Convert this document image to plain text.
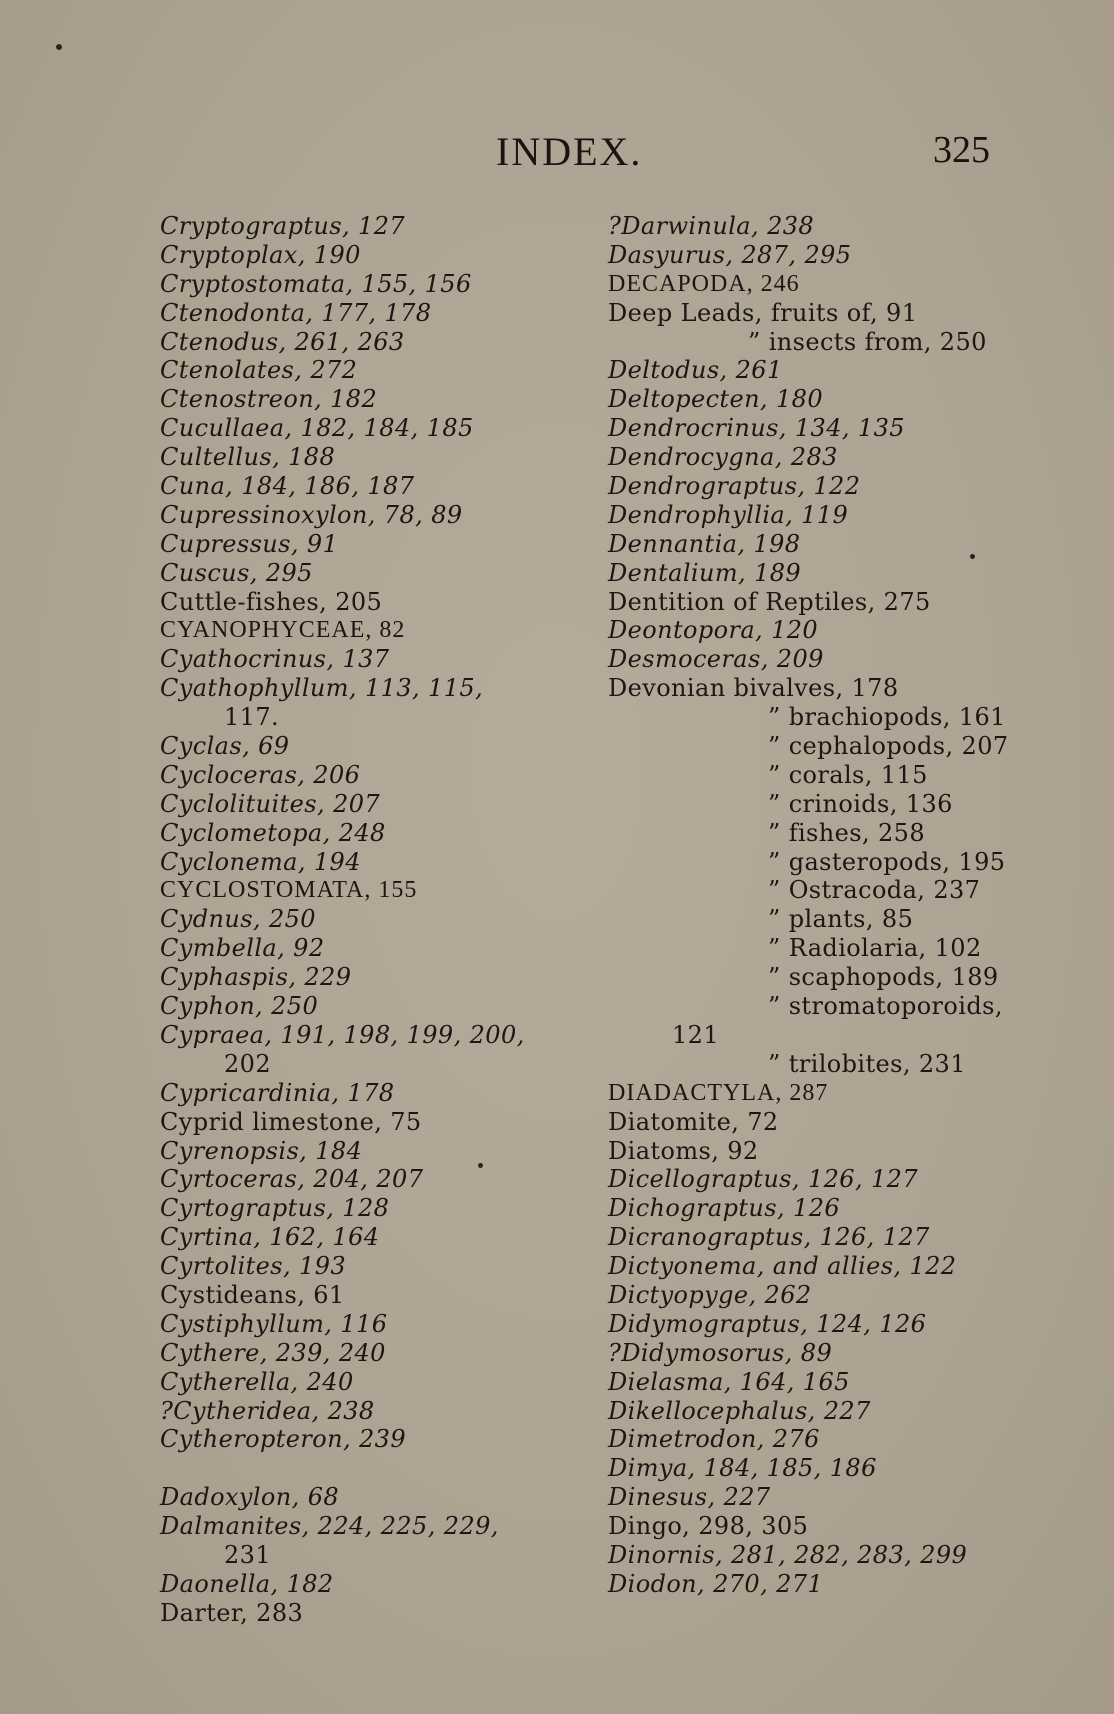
INDEX.	325
Cryptograptus, 127
Cryptoplax, 190
Cryptostomata, 155, 156
Ctenodonta, 177, 178
Ctenodus, 261, 263
Ctenolates, 272
Ctenostreon, 182
Cucullaea, 182, 184, 185
Cultellus, 188
Cuna, 184, 186, 187
Cupressinoxylon, 78, 89
Cupressus, 91
Cuscus, 295
Cuttle-fishes, 205
CYANOPHYCEAE, 82
Cyathocrinus, 137
Cyathophyllum, 113, 115,
117.
Cyclas, 69
Cycloceras, 206
Cyclolituites, 207
Cyclometopa, 248
Cyclonema, 194
CYCLOSTOMATA, 155
Cydnus, 250
Cymbella, 92
Cyphaspis, 229
Cyphon, 250
Cypraea, 191, 198, 199, 200,
202
Cypricardinia, 178
Cyprid limestone, 75
Cyrenopsis, 184
Cyrtoceras, 204, 207
Cyrtograptus, 128
Cyrtina, 162, 164
Cyrtolites, 193
Cystideans, 61
Cystiphyllum, 116
Cythere, 239, 240
Cytherella, 240
?Cytheridea, 238
Cytheropteron, 239
Dadoxylon, 68
Dalmanites, 224, 225, 229,
231
Daonella, 182
Darter, 283
?Darwinula, 238
Dasyurus, 287, 295
DECAPODA, 246
Deep Leads, fruits of, 91
” insects from, 250
Deltodus, 261
Deltopecten, 180
Dendrocrinus, 134, 135
Dendrocygna, 283
Dendrograptus, 122
Dendrophyllia, 119
Dennantia, 198
Dentalium, 189
Dentition of Reptiles, 275
Deontopora, 120
Desmoceras, 209
Devonian bivalves, 178
” brachiopods, 161
” cephalopods, 207
” corals, 115
” crinoids, 136
” fishes, 258
” gasteropods, 195
” Ostracoda, 237
” plants, 85
” Radiolaria, 102
” scaphopods, 189
” stromatoporoids,
121
” trilobites, 231
DIADACTYLA, 287
Diatomite, 72
Diatoms, 92
Dicellograptus, 126, 127
Dichograptus, 126
Dicranograptus, 126, 127
Dictyonema, and allies, 122
Dictyopyge, 262
Didymograptus, 124, 126
?Didymosorus, 89
Dielasma, 164, 165
Dikellocephalus, 227
Dimetrodon, 276
Dimya, 184, 185, 186
Dinesus, 227
Dingo, 298, 305
Dinornis, 281, 282, 283, 299
Diodon, 270, 271
